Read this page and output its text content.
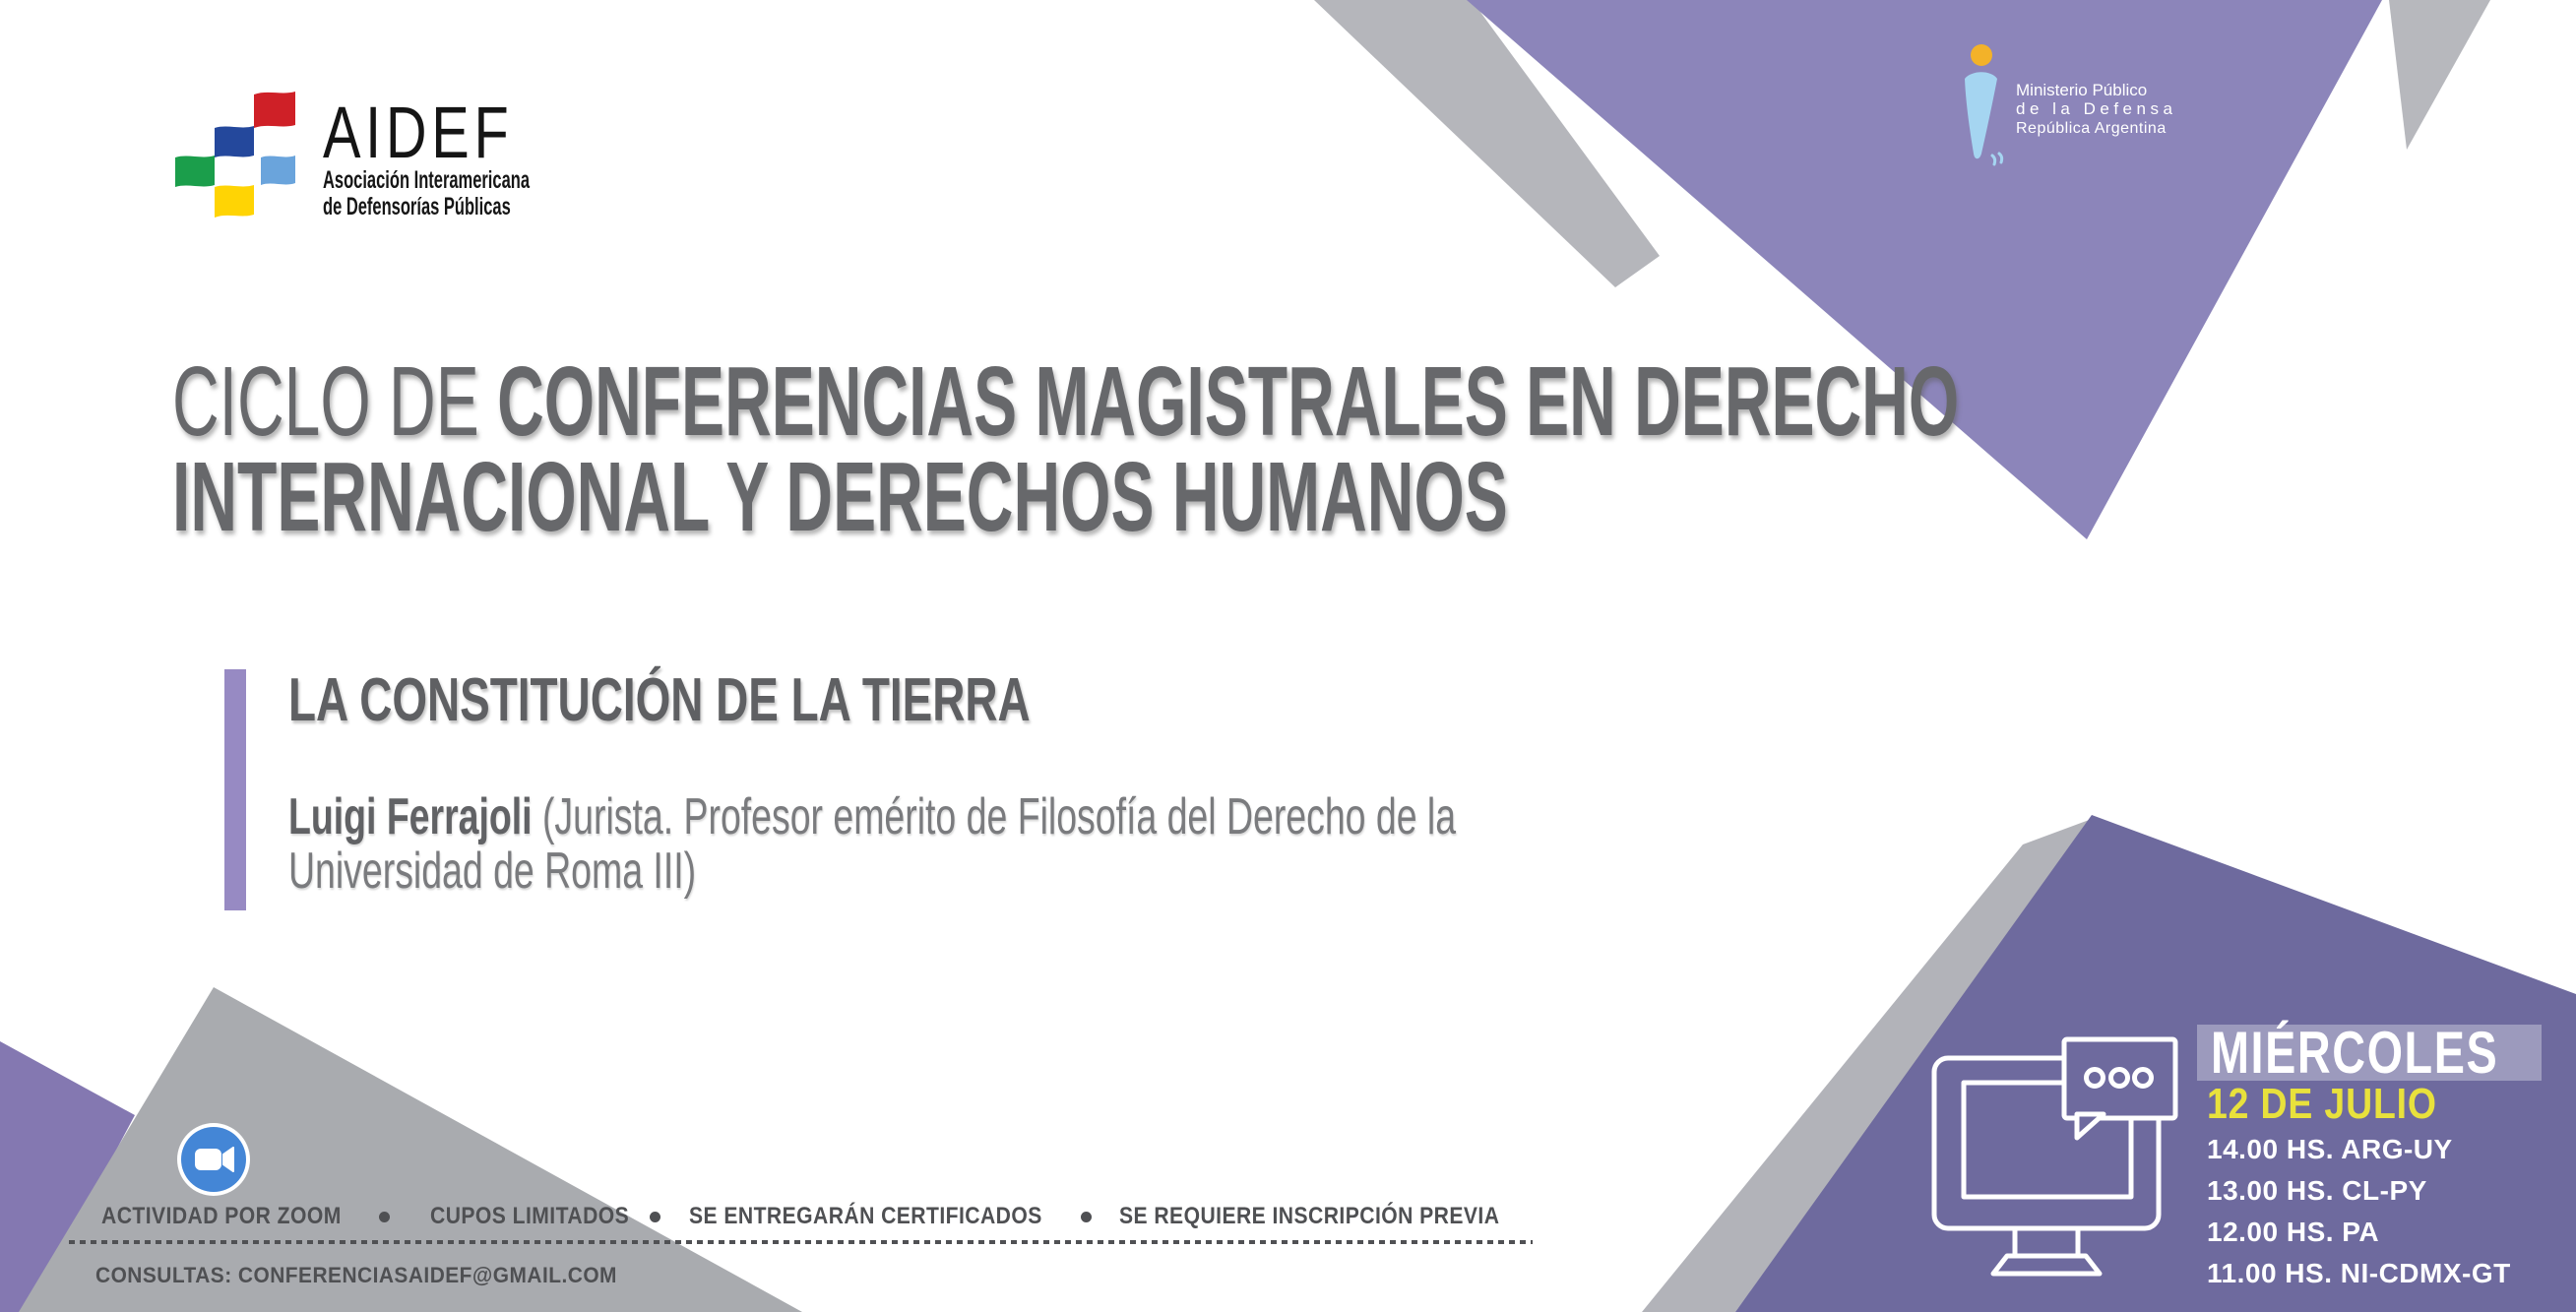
AIDEF
Asociación Interamericana
de Defensorías Públicas
Ministerio Público
de la Defensa
República Argentina
CICLO DE CONFERENCIAS MAGISTRALES EN DERECHO
INTERNACIONAL Y DERECHOS HUMANOS
LA CONSTITUCIÓN DE LA TIERRA
Luigi Ferrajoli (Jurista. Profesor emérito de Filosofía del Derecho de la
Universidad de Roma III)
ACTIVIDAD POR ZOOM	CUPOS LIMITADOS	SE ENTREGARÁN CERTIFICADOS	SE REQUIERE INSCRIPCIÓN PREVIA
CONSULTAS: CONFERENCIASAIDEF@GMAIL.COM
MIÉRCOLES
12 DE JULIO
14.00 HS. ARG-UY
13.00 HS. CL-PY
12.00 HS. PA
11.00 HS. NI-CDMX-GT
